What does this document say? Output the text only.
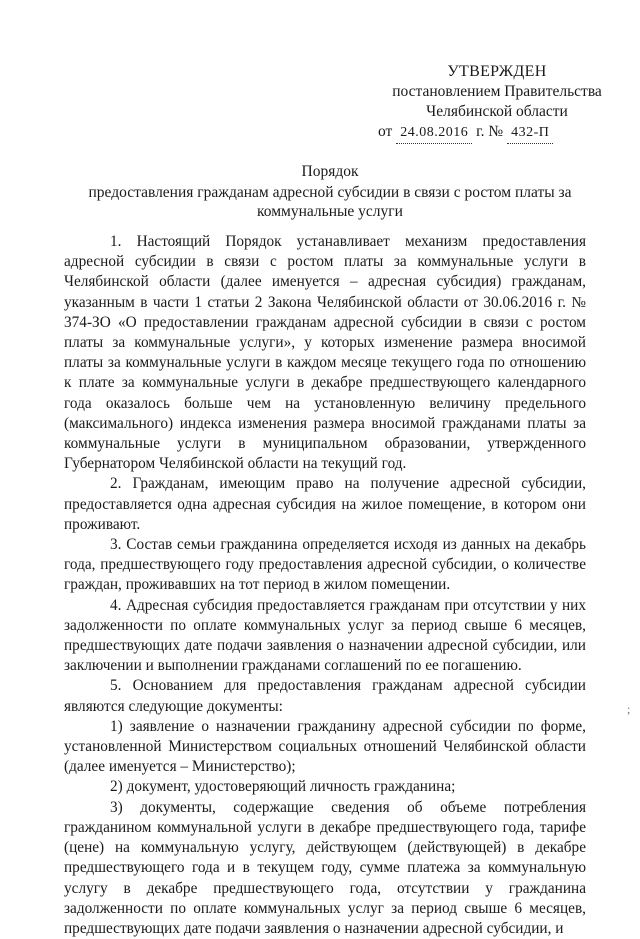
УТВЕРЖДЕН
постановлением Правительства
Челябинской области
от 24.08.2016 г. № 432-П
Порядок
предоставления гражданам адресной субсидии в связи с ростом платы за коммунальные услуги

1. Настоящий Порядок устанавливает механизм предоставления адресной субсидии в связи с ростом платы за коммунальные услуги в Челябинской области (далее именуется – адресная субсидия) гражданам, указанным в части 1 статьи 2 Закона Челябинской области от 30.06.2016 г. № 374-ЗО «О предоставлении гражданам адресной субсидии в связи с ростом платы за коммунальные услуги», у которых изменение размера вносимой платы за коммунальные услуги в каждом месяце текущего года по отношению к плате за коммунальные услуги в декабре предшествующего календарного года оказалось больше чем на установленную величину предельного (максимального) индекса изменения размера вносимой гражданами платы за коммунальные услуги в муниципальном образовании, утвержденного Губернатором Челябинской области на текущий год.

2. Гражданам, имеющим право на получение адресной субсидии, предоставляется одна адресная субсидия на жилое помещение, в котором они проживают.

3. Состав семьи гражданина определяется исходя из данных на декабрь года, предшествующего году предоставления адресной субсидии, о количестве граждан, проживавших на тот период в жилом помещении.

4. Адресная субсидия предоставляется гражданам при отсутствии у них задолженности по оплате коммунальных услуг за период свыше 6 месяцев, предшествующих дате подачи заявления о назначении адресной субсидии, или заключении и выполнении гражданами соглашений по ее погашению.

5. Основанием для предоставления гражданам адресной субсидии являются следующие документы:

1) заявление о назначении гражданину адресной субсидии по форме, установленной Министерством социальных отношений Челябинской области (далее именуется – Министерство);

2) документ, удостоверяющий личность гражданина;

3) документы, содержащие сведения об объеме потребления гражданином коммунальной услуги в декабре предшествующего года, тарифе (цене) на коммунальную услугу, действующем (действующей) в декабре предшествующего года и в текущем году, сумме платежа за коммунальную услугу в декабре предшествующего года, отсутствии у гражданина задолженности по оплате коммунальных услуг за период свыше 6 месяцев, предшествующих дате подачи заявления о назначении адресной субсидии, и

;
